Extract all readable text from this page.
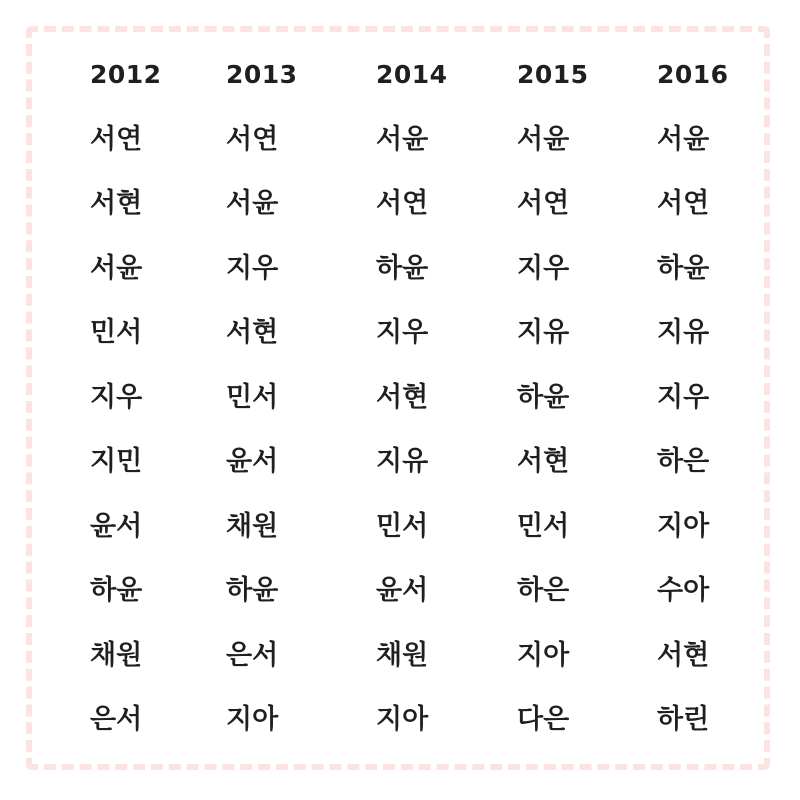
2012
서연
서현
서윤
민서
지우
지민
윤서
하윤
채원
은서
2013
서연
서윤
지우
서현
민서
윤서
채원
하윤
은서
지아
2014
서윤
서연
하윤
지우
서현
지유
민서
윤서
채원
지아
2015
서윤
서연
지우
지유
하윤
서현
민서
하은
지아
다은
2016
서윤
서연
하윤
지유
지우
하은
지아
수아
서현
하린
